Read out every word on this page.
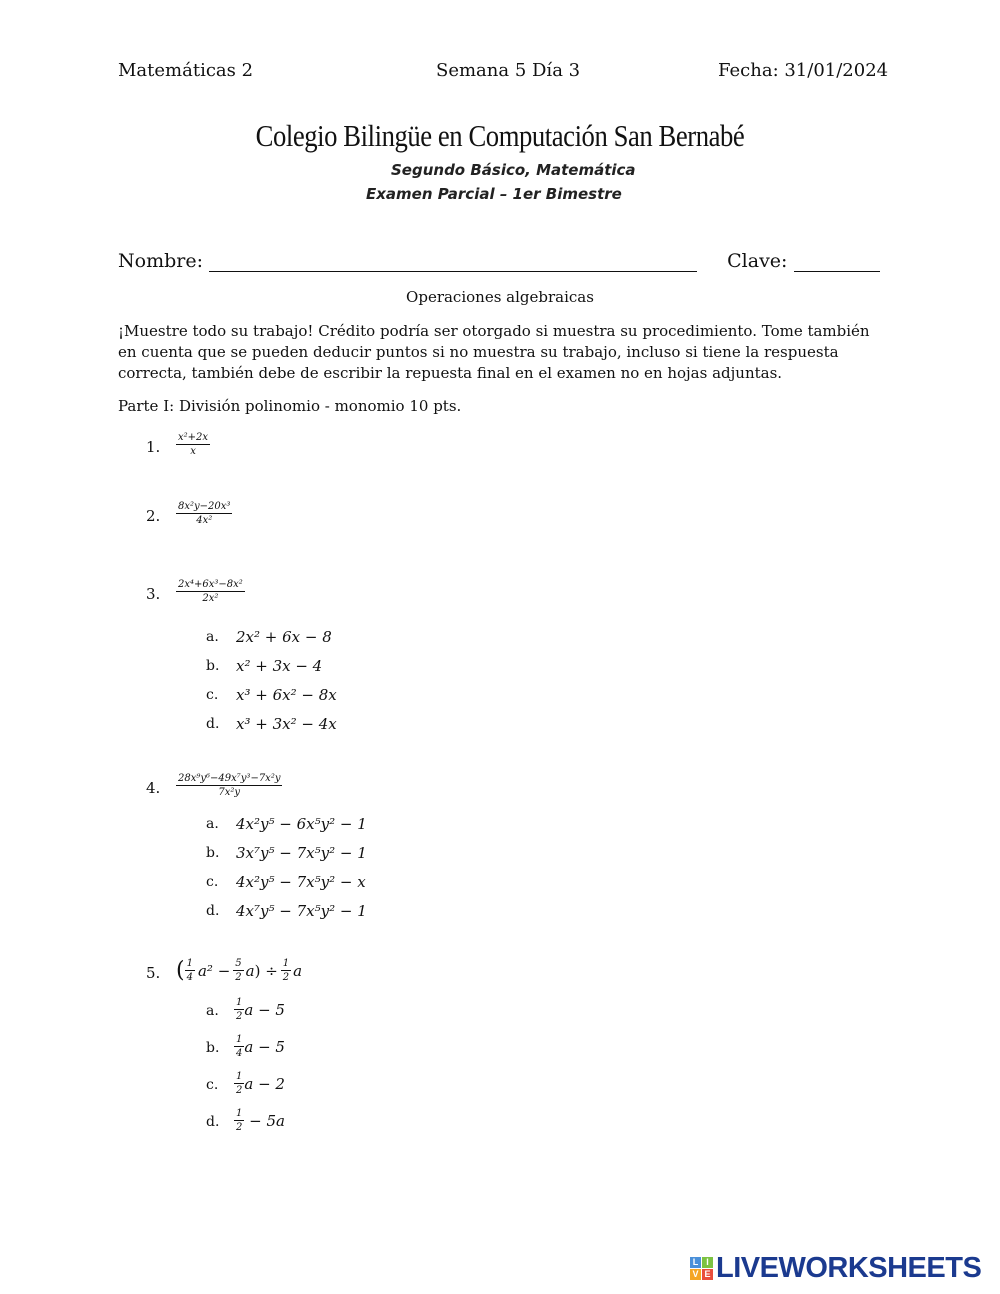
Matemáticas 2	Semana 5 Día 3	Fecha: 31/01/2024
Colegio Bilingüe en Computación San Bernabé
Segundo Básico, Matemática
Examen Parcial – 1er Bimestre
Nombre:	Clave:
Operaciones algebraicas
¡Muestre todo su trabajo! Crédito podría ser otorgado si muestra su procedimiento. Tome también en cuenta que se pueden deducir puntos si no muestra su trabajo, incluso si tiene la respuesta correcta, también debe de escribir la repuesta final en el examen no en hojas adjuntas.
Parte I: División polinomio - monomio 10 pts.
1. $\frac{\text{x²+2x}}{x}$
2. $\frac{\text{8x²y−20x³}}{\text{4x²}}$
3. $\frac{\text{2x⁴+6x³−8x²}}{\text{2x²}}$
a. 2x² + 6x − 8
b. x² + 3x − 4
c. x³ + 6x² − 8x
d. x³ + 3x² − 4x
4. $\frac{\text{28x⁹y⁶−49x⁷y³−7x²y}}{\text{7x²y}}$
a. 4x²y⁵ − 6x⁵y² − 1
b. 3x⁷y⁵ − 7x⁵y² − 1
c. 4x²y⁵ − 7x⁵y² − x
d. 4x⁷y⁵ − 7x⁵y² − 1
5. ( $\frac{1}{4} a^2 - \frac{5}{2}$ a ) ÷ $\frac{1}{2}$ a
a. $\frac{1}{2}$ a − 5
b. $\frac{1}{4}$ a − 5
c. $\frac{1}{2}$ a − 2
d. $\frac{1}{2} - 5a$
L I
V E LIVEWORKSHEETS
